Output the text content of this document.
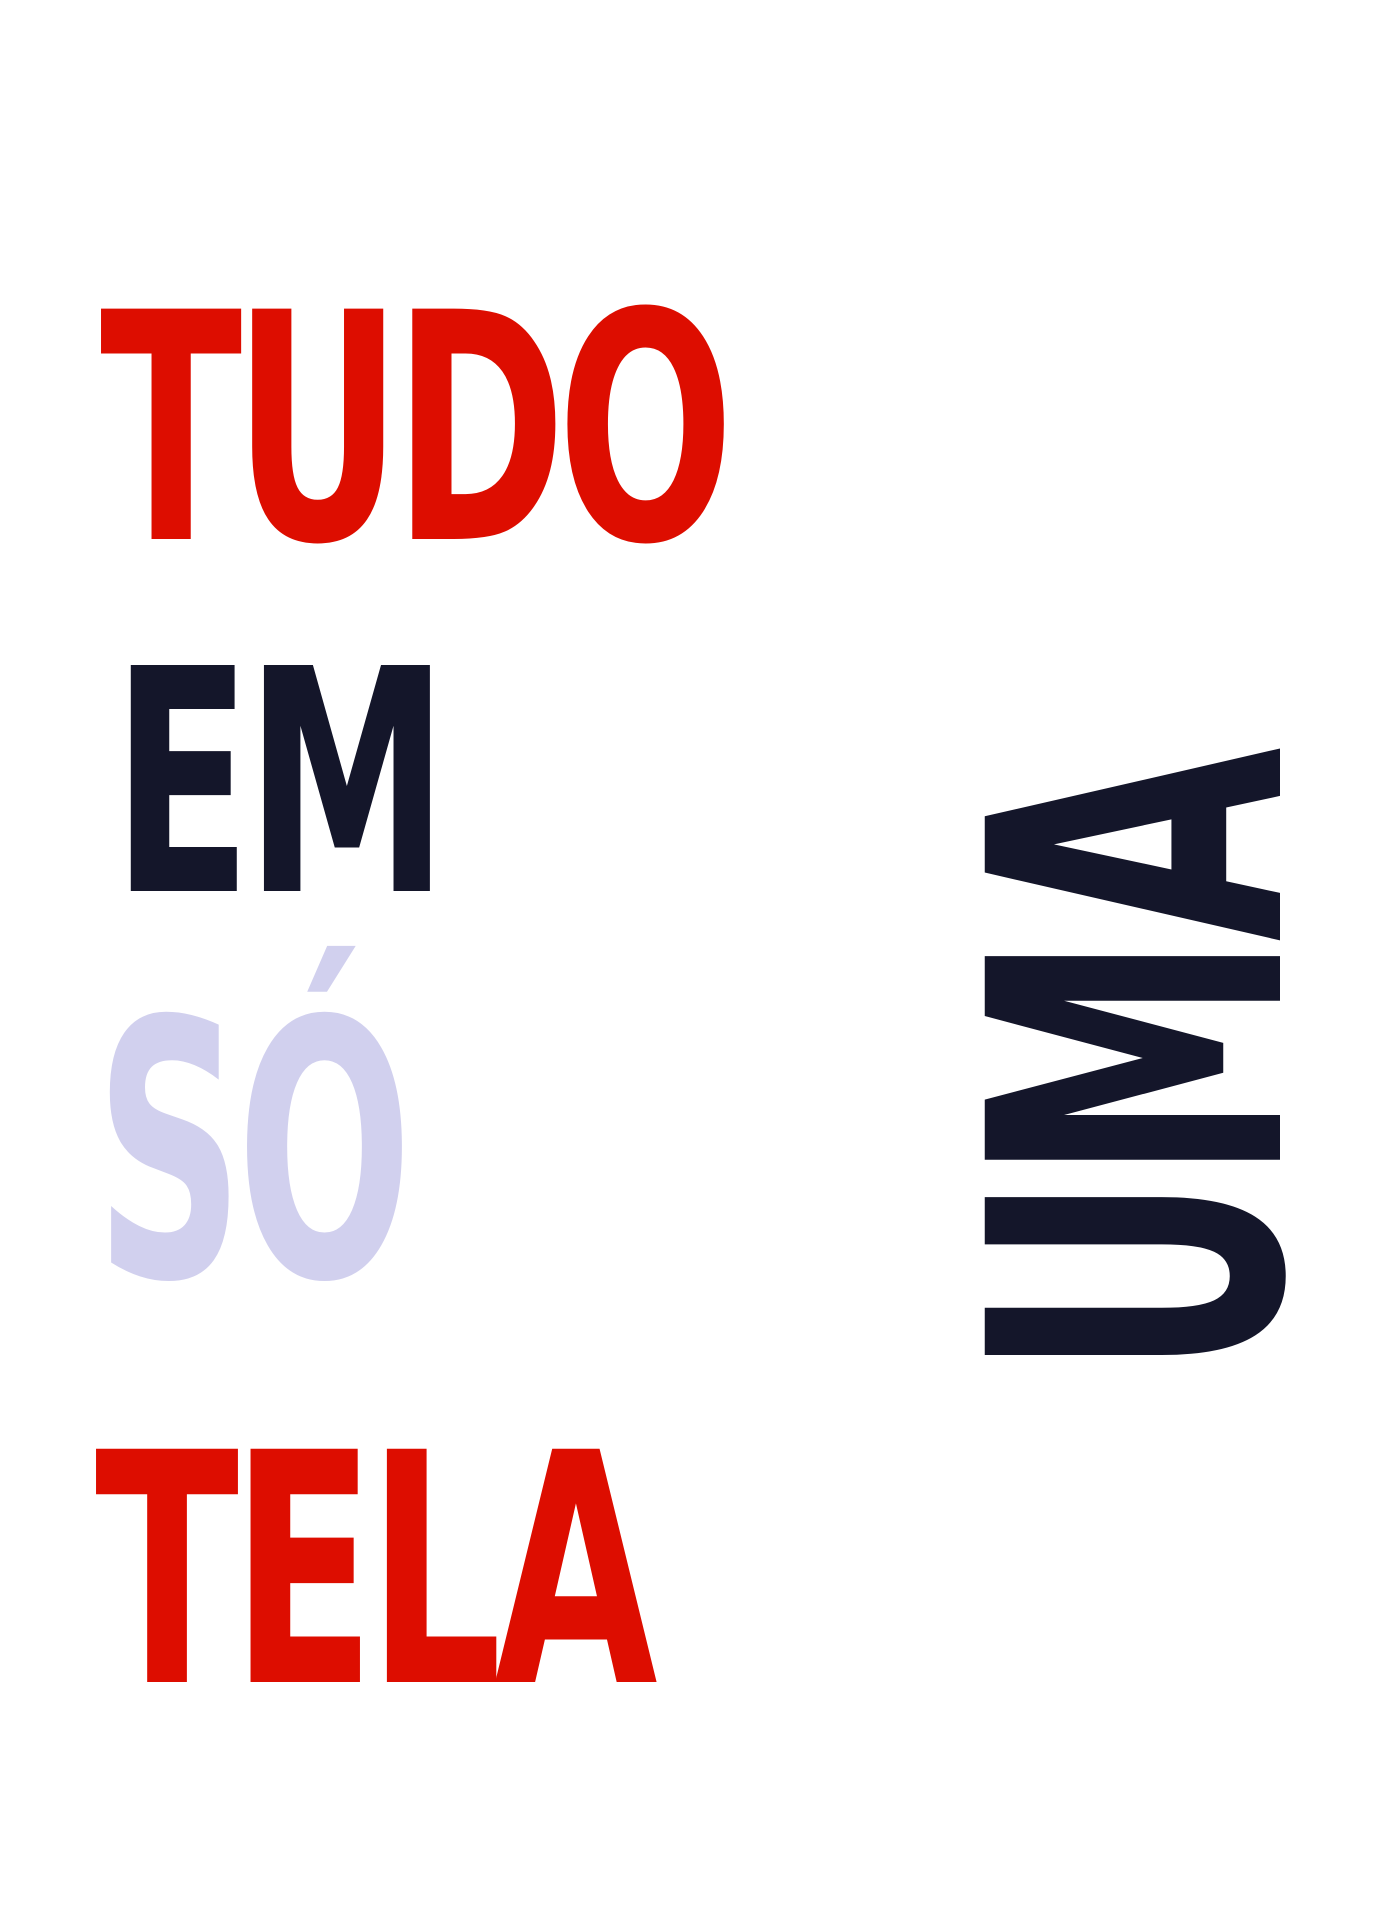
TUDO
EM
SÓ UMA
TELA
